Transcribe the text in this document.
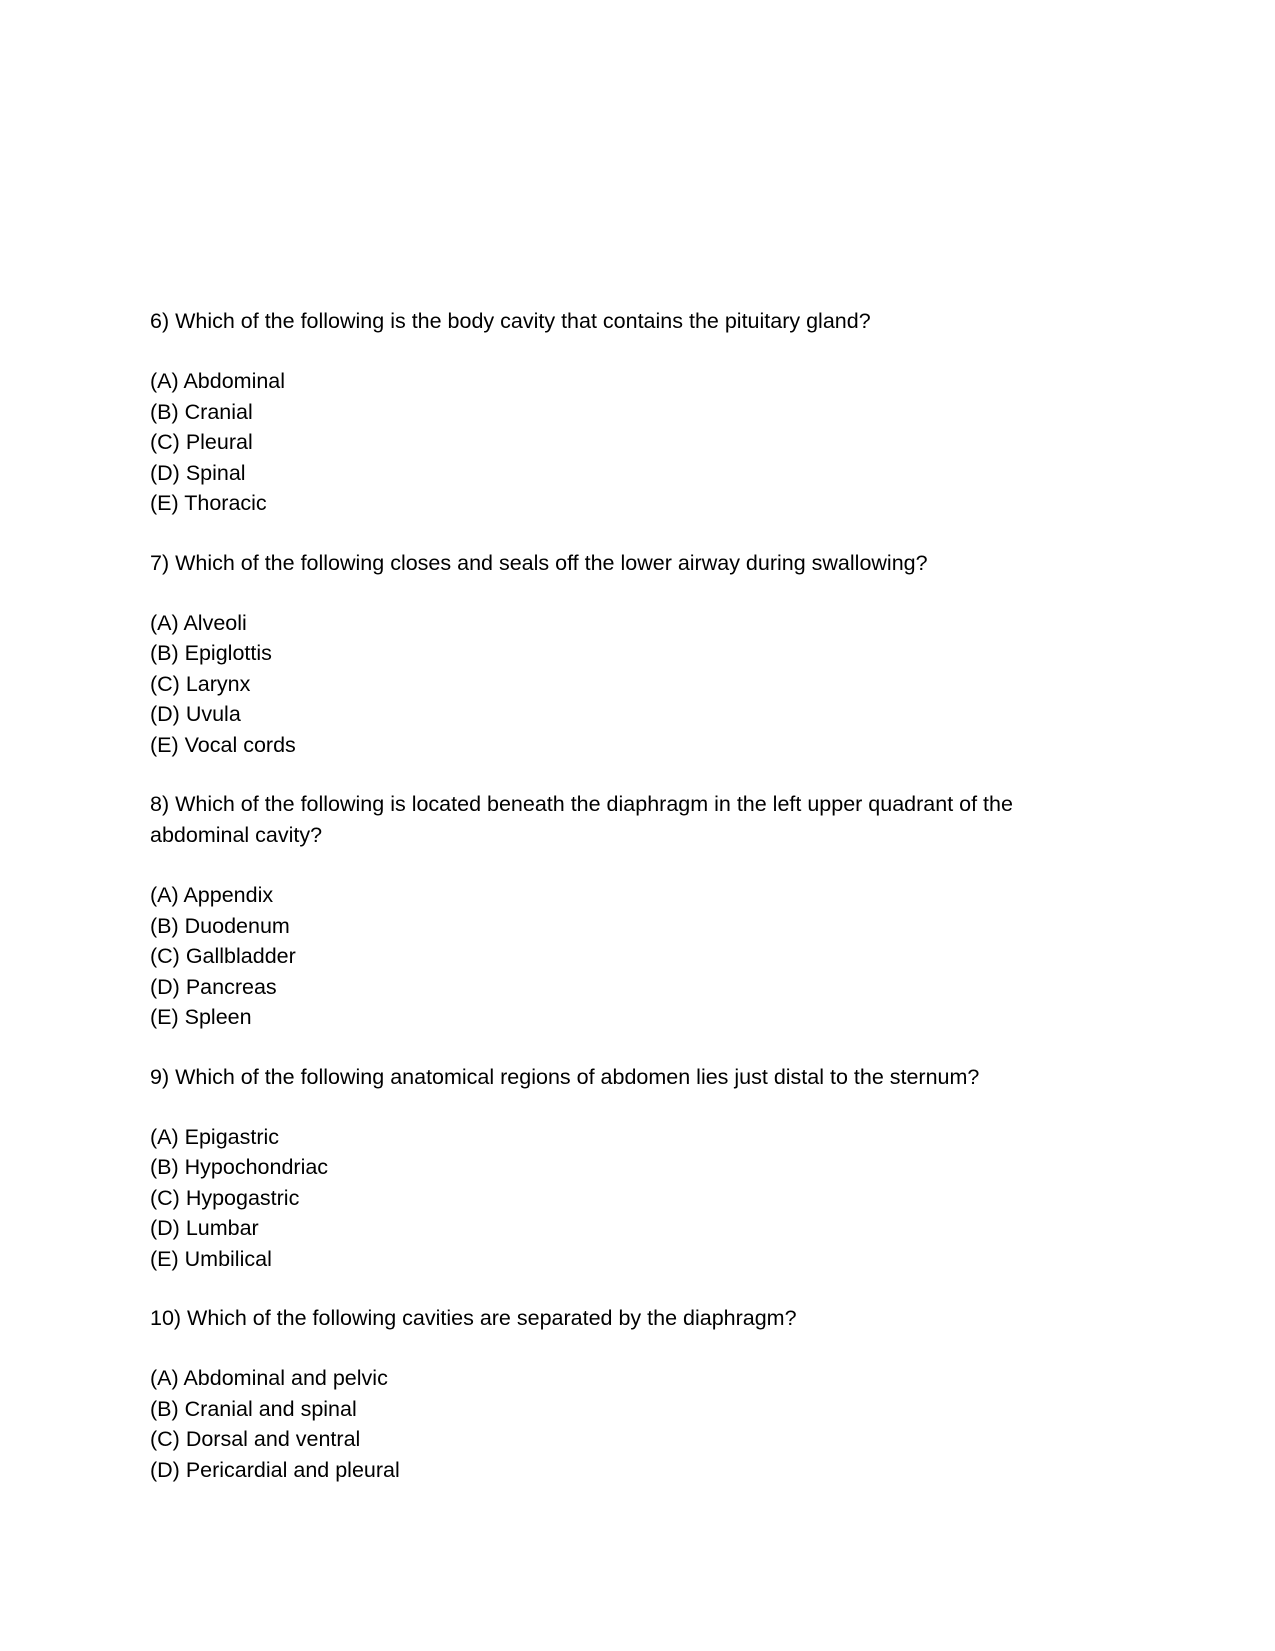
6) Which of the following is the body cavity that contains the pituitary gland?

(A) Abdominal
(B) Cranial
(C) Pleural
(D) Spinal
(E) Thoracic

7) Which of the following closes and seals off the lower airway during swallowing?

(A) Alveoli
(B) Epiglottis
(C) Larynx
(D) Uvula
(E) Vocal cords

8) Which of the following is located beneath the diaphragm in the left upper quadrant of the abdominal cavity?

(A) Appendix
(B) Duodenum
(C) Gallbladder
(D) Pancreas
(E) Spleen

9) Which of the following anatomical regions of abdomen lies just distal to the sternum?

(A) Epigastric
(B) Hypochondriac
(C) Hypogastric
(D) Lumbar
(E) Umbilical

10) Which of the following cavities are separated by the diaphragm?

(A) Abdominal and pelvic
(B) Cranial and spinal
(C) Dorsal and ventral
(D) Pericardial and pleural
